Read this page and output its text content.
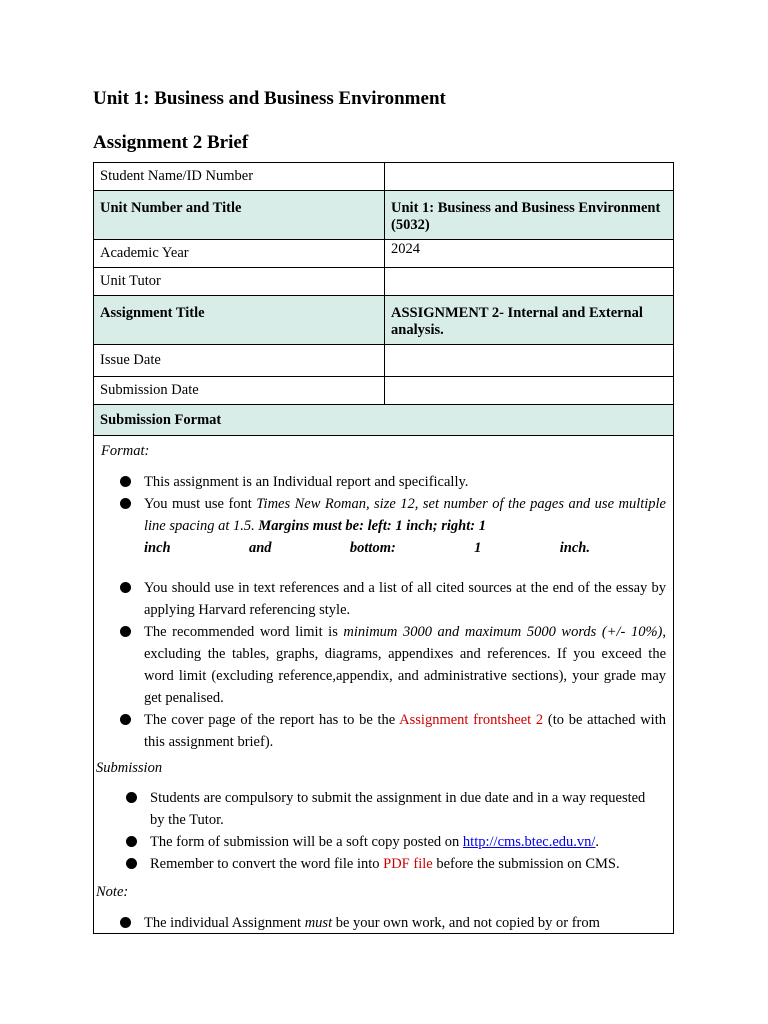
Unit 1: Business and Business Environment
Assignment 2 Brief
Student Name/ID Number	
Unit Number and Title	Unit 1: Business and Business Environment (5032)
Academic Year	2024
Unit Tutor	
Assignment Title	ASSIGNMENT 2- Internal and External analysis.
Issue Date	
Submission Date	
Submission Format	
Format:
This assignment is an Individual report and specifically.
You must use font Times New Roman, size 12, set number of the pages and use multiple line spacing at 1.5. Margins must be: left: 1 inch; right: 1
inch	and	bottom:	1	inch.
You should use in text references and a list of all cited sources at the end of the essay by applying Harvard referencing style.
The recommended word limit is minimum 3000 and maximum 5000 words (+/- 10%), excluding the tables, graphs, diagrams, appendixes and references. If you exceed the word limit (excluding reference,appendix, and administrative sections), your grade may get penalised.
The cover page of the report has to be the Assignment frontsheet 2 (to be attached with this assignment brief).
Submission
Students are compulsory to submit the assignment in due date and in a way requested by the Tutor.
The form of submission will be a soft copy posted on http://cms.btec.edu.vn/.
Remember to convert the word file into PDF file before the submission on CMS.
Note:
The individual Assignment must be your own work, and not copied by or from
